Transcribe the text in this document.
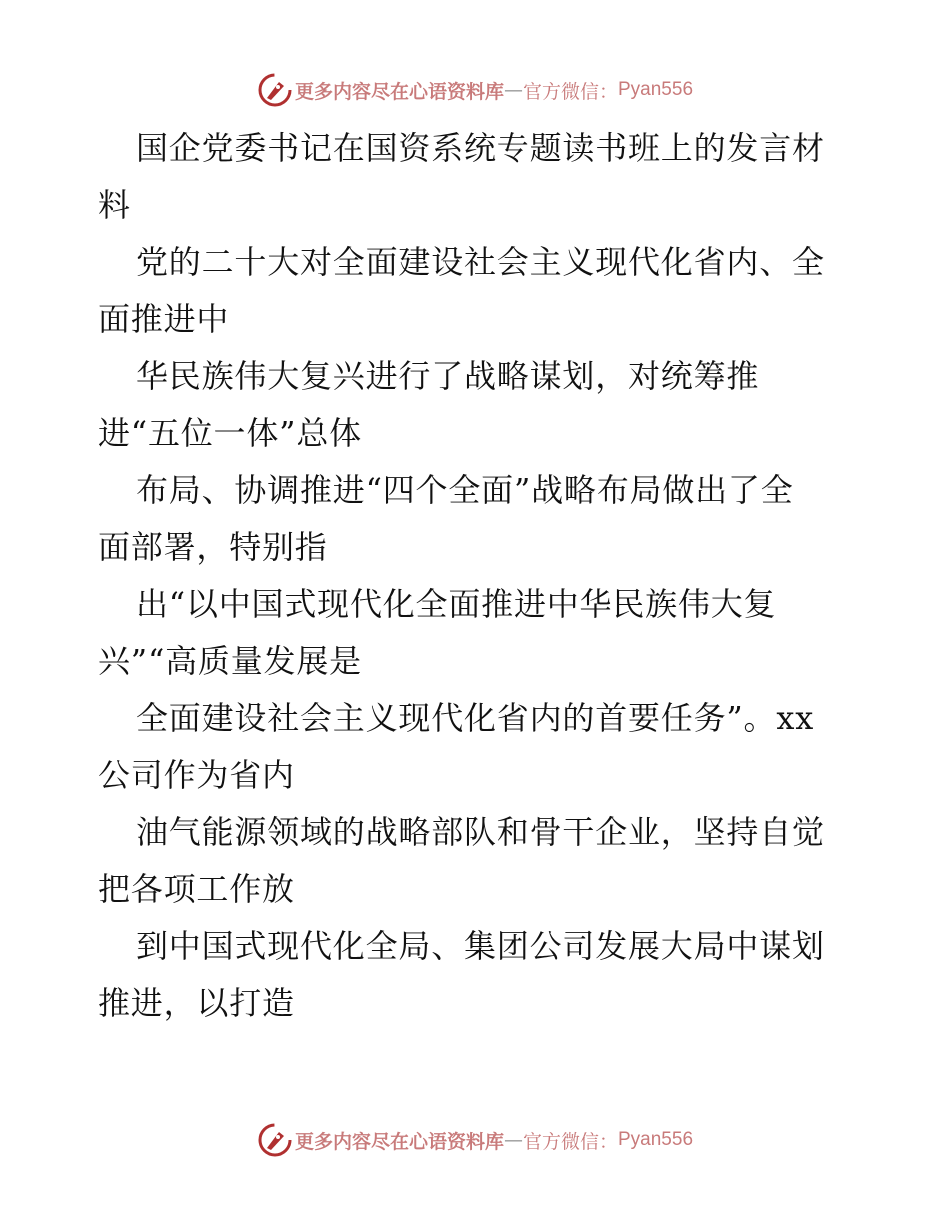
更多内容尽在心语资料库 — 官方微信： Pyan556

国企党委书记在国资系统专题读书班上的发言材
料

党的二十大对全面建设社会主义现代化省内、全
面推进中

华民族伟大复兴进行了战略谋划，对统筹推
进“五位一体”总体

布局、协调推进“四个全面”战略布局做出了全
面部署，特别指

出“以中国式现代化全面推进中华民族伟大复
兴”“高质量发展是

全面建设社会主义现代化省内的首要任务”。xx
公司作为省内

油气能源领域的战略部队和骨干企业，坚持自觉
把各项工作放

到中国式现代化全局、集团公司发展大局中谋划
推进，以打造

更多内容尽在心语资料库 — 官方微信： Pyan556
